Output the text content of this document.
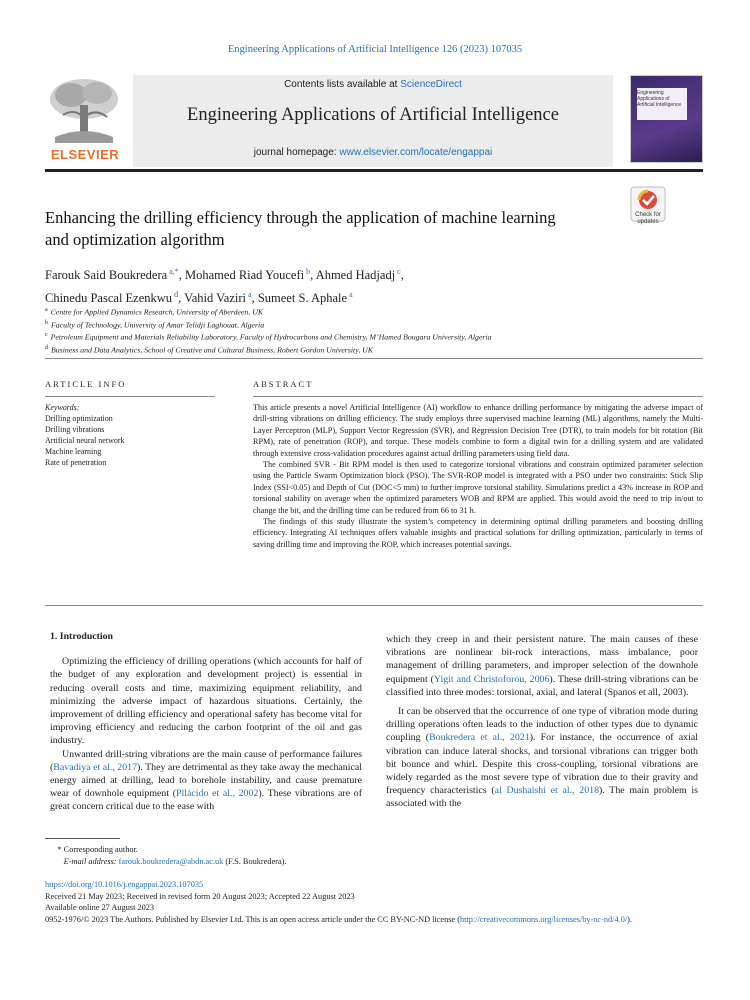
Engineering Applications of Artificial Intelligence 126 (2023) 107035
ELSEVIER
Contents lists available at ScienceDirect
Engineering Applications of Artificial Intelligence
journal homepage: www.elsevier.com/locate/engappai
Engineering Applications of Artificial Intelligence
Enhancing the drilling efficiency through the application of machine learning and optimization algorithm
Check for updates
Farouk Said Boukredera $^{a,*}$, Mohamed Riad Youcefi $^b$, Ahmed Hadjadj $^c$,
Chinedu Pascal Ezenkwu $^d$, Vahid Vaziri $^a$, Sumeet S. Aphale $^a$
$^a$ Centre for Applied Dynamics Research, University of Aberdeen, UK
$^b$ Faculty of Technology, University of Amar Telidji Laghouat, Algeria
$^c$ Petroleum Equipment and Materials Reliability Laboratory, Faculty of Hydrocarbons and Chemistry, M’Hamed Bougara University, Algeria
$^d$ Business and Data Analytics, School of Creative and Cultural Business, Robert Gordon University, UK
ARTICLE INFO	ABSTRACT
Keywords:
Drilling optimization
Drilling vibrations
Artificial neural network
Machine learning
Rate of penetration

This article presents a novel Artificial Intelligence (AI) workflow to enhance drilling performance by mitigating the adverse impact of drill-string vibrations on drilling efficiency. The study employs three supervised machine learning (ML) algorithms, namely the Multi-Layer Perceptron (MLP), Support Vector Regression (SVR), and Regression Decision Tree (DTR), to train models for bit rotation (Bit RPM), rate of penetration (ROP), and torque. These models combine to form a digital twin for a drilling system and are validated through extensive cross-validation procedures against actual drilling parameters using field data.

The combined SVR - Bit RPM model is then used to categorize torsional vibrations and constrain optimized parameter selection using the Particle Swarm Optimization block (PSO). The SVR-ROP model is integrated with a PSO under two constraints: Stick Slip Index (SSI<0.05) and Depth of Cut (DOC<5 mm) to further improve torsional stability. Simulations predict a 43% increase in ROP and torsional stability on average when the optimized parameters WOB and RPM are applied. This would avoid the need to trip in/out to change the bit, and the drilling time can be reduced from 66 to 31 h.

The findings of this study illustrate the system’s competency in determining optimal drilling parameters and boosting drilling efficiency. Integrating AI techniques offers valuable insights and practical solutions for drilling optimization, particularly in terms of saving drilling time and improving the ROP, which increases potential savings.

1. Introduction

Optimizing the efficiency of drilling operations (which accounts for half of the budget of any exploration and development project) is essential in reducing overall costs and time, maximizing equipment reliability, and minimizing the adverse impact of hazardous situations. Certainly, the improvement of drilling efficiency and operational safety has become vital for improving efficiency and reducing the carbon footprint of the oil and gas industry.

Unwanted drill-string vibrations are the main cause of performance failures (Bavadiya et al., 2017). They are detrimental as they take away the mechanical energy aimed at drilling, lead to borehole instability, and cause premature wear of downhole equipment (Pllácido et al., 2002). These vibrations are of great concern critical due to the ease with

which they creep in and their persistent nature. The main causes of these vibrations are nonlinear bit-rock interactions, mass imbalance, poor management of drilling parameters, and improper selection of the downhole equipment (Yigit and Christoforou, 2006). These drill-string vibrations can be classified into three modes: torsional, axial, and lateral (Spanos et all, 2003).

It can be observed that the occurrence of one type of vibration mode during drilling operations often leads to the induction of other types due to dynamic coupling (Boukredera et al., 2021). For instance, the occurrence of axial vibration can induce lateral shocks, and torsional vibrations can trigger both bit bounce and whirl. Despite this cross-coupling, torsional vibrations are widely regarded as the most severe type of vibration due to their gravity and frequency characteristics (al Dushaishi et al., 2018). The main problem is associated with the

* Corresponding author.
E-mail address: farouk.boukredera@abdn.ac.uk (F.S. Boukredera).
https://doi.org/10.1016/j.engappai.2023.107035
Received 21 May 2023; Received in revised form 20 August 2023; Accepted 22 August 2023
Available online 27 August 2023
0952-1976/© 2023 The Authors. Published by Elsevier Ltd. This is an open access article under the CC BY-NC-ND license (http://creativecommons.org/licenses/by-nc-nd/4.0/).
